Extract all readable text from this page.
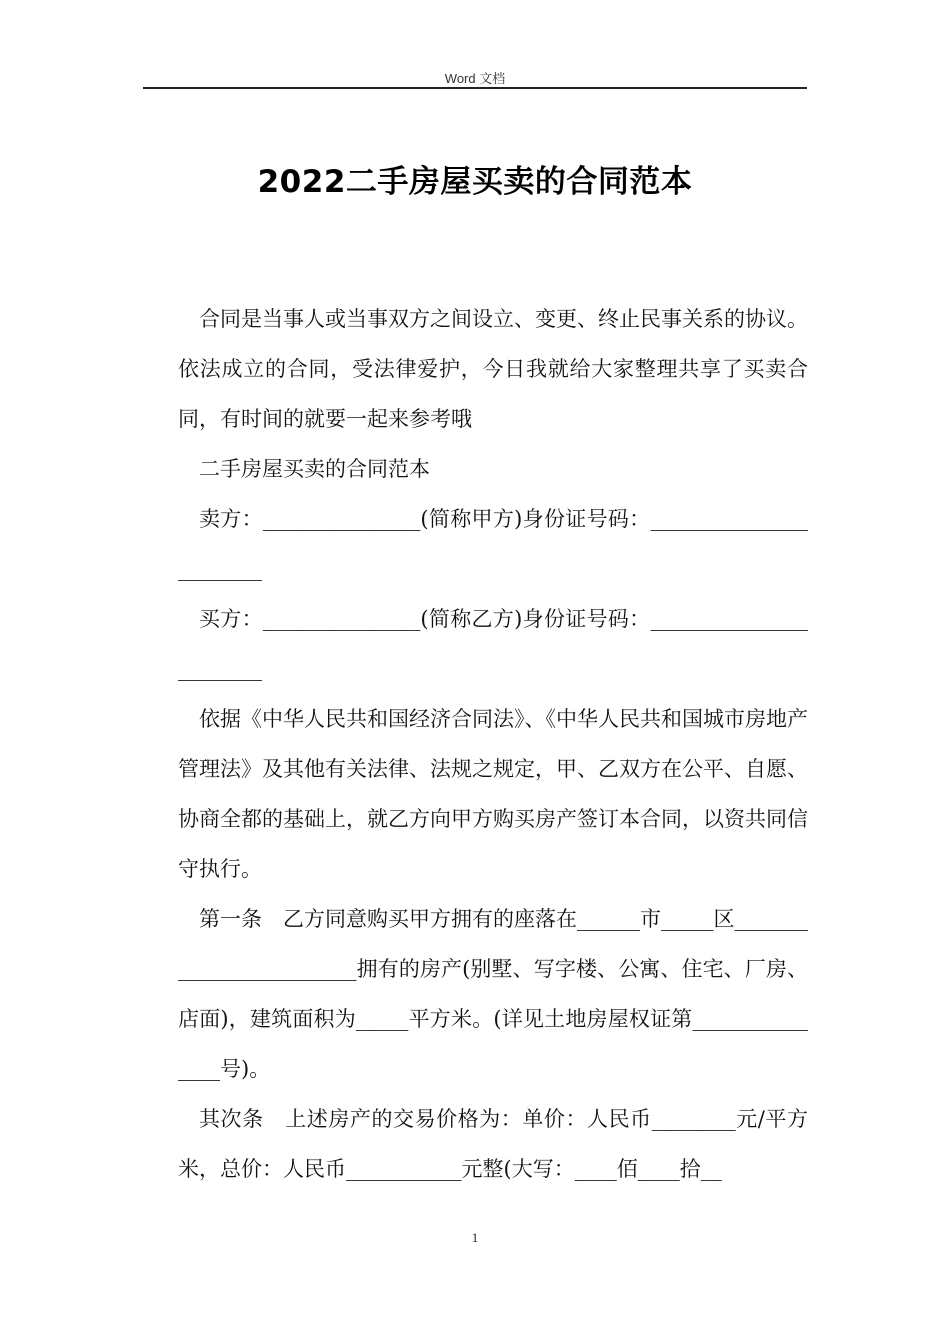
Word 文档
2022二手房屋买卖的合同范本

合同是当事人或当事双方之间设立、变更、终止民事关系的协议。依法成立的合同，受法律爱护，今日我就给大家整理共享了买卖合同，有时间的就要一起来参考哦

二手房屋买卖的合同范本

卖方：_______________(简称甲方)身份证号码：_______________________

买方：_______________(简称乙方)身份证号码：_______________________

依据《中华人民共和国经济合同法》、《中华人民共和国城市房地产管理法》及其他有关法律、法规之规定，甲、乙双方在公平、自愿、协商全都的基础上，就乙方向甲方购买房产签订本合同，以资共同信守执行。

第一条　乙方同意购买甲方拥有的座落在______市_____区________________________拥有的房产(别墅、写字楼、公寓、住宅、厂房、店面)，建筑面积为_____平方米。(详见土地房屋权证第_______________号)。

其次条　上述房产的交易价格为：单价：人民币________元/平方米，总价：人民币___________元整(大写：____佰____拾__

1
